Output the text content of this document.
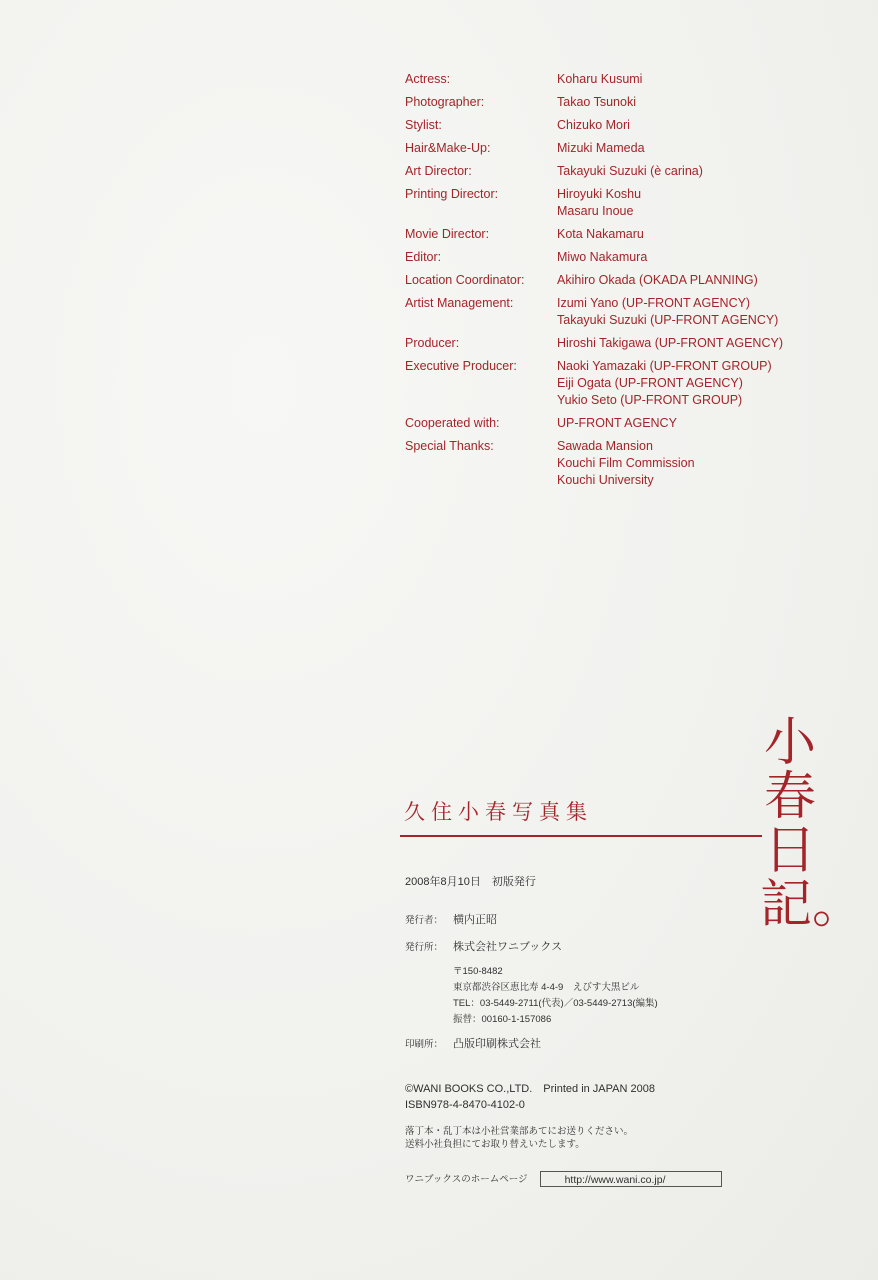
Actress:	Koharu Kusumi
Photographer:	Takao Tsunoki
Stylist:	Chizuko Mori
Hair&Make-Up:	Mizuki Mameda
Art Director:	Takayuki Suzuki (è carina)
Printing Director:	Hiroyuki Koshu
Masaru Inoue
Movie Director:	Kota Nakamaru
Editor:	Miwo Nakamura
Location Coordinator:	Akihiro Okada (OKADA PLANNING)
Artist Management:	Izumi Yano (UP-FRONT AGENCY)
Takayuki Suzuki (UP-FRONT AGENCY)
Producer:	Hiroshi Takigawa (UP-FRONT AGENCY)
Executive Producer:	Naoki Yamazaki (UP-FRONT GROUP)
Eiji Ogata (UP-FRONT AGENCY)
Yukio Seto (UP-FRONT GROUP)
Cooperated with:	UP-FRONT AGENCY
Special Thanks:	Sawada Mansion
Kouchi Film Commission
Kouchi University
小
春
日
記。
久住小春写真集
2008年8月10日　初版発行
発行者： 横内正昭
発行所： 株式会社ワニブックス
〒150-8482
東京都渋谷区恵比寿 4-4-9　えびす大黒ビル
TEL：03-5449-2711(代表)／03-5449-2713(編集)
振替：00160-1-157086
印刷所： 凸版印刷株式会社
©WANI BOOKS CO.,LTD.　Printed in JAPAN 2008
ISBN978-4-8470-4102-0
落丁本・乱丁本は小社営業部あてにお送りください。
送料小社負担にてお取り替えいたします。
ワニブックスのホームページ	http://www.wani.co.jp/
